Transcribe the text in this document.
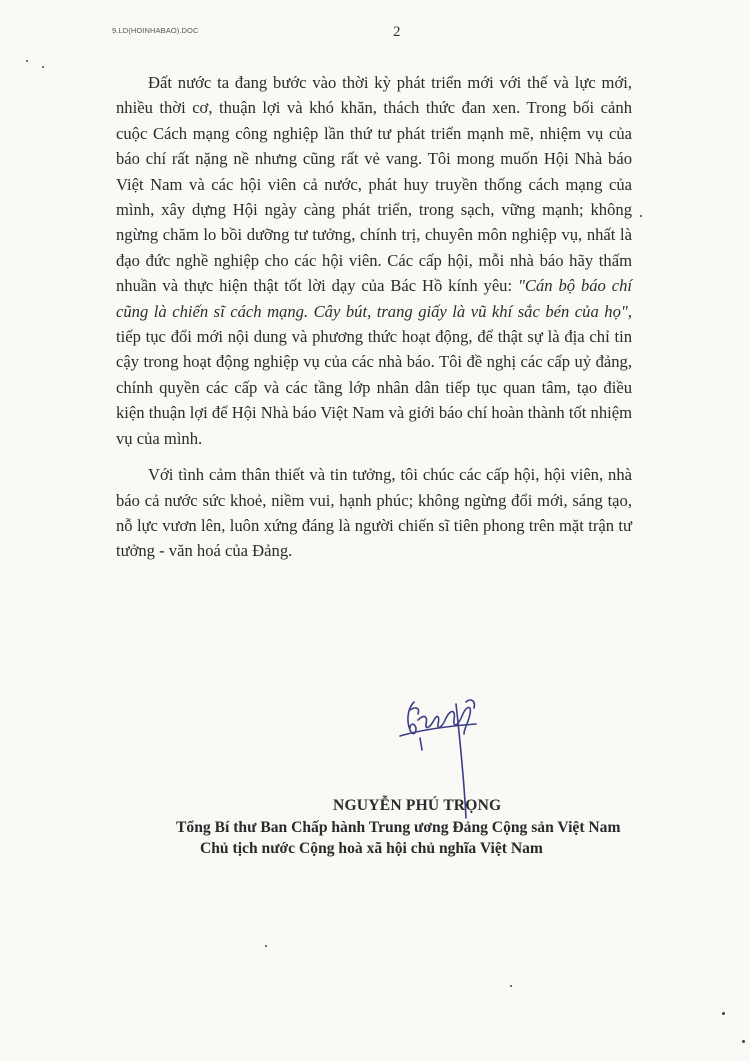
9.LD(HOINHABAO).DOC	2

Đất nước ta đang bước vào thời kỳ phát triển mới với thế và lực mới, nhiều thời cơ, thuận lợi và khó khăn, thách thức đan xen. Trong bối cảnh cuộc Cách mạng công nghiệp lần thứ tư phát triển mạnh mẽ, nhiệm vụ của báo chí rất nặng nề nhưng cũng rất vẻ vang. Tôi mong muốn Hội Nhà báo Việt Nam và các hội viên cả nước, phát huy truyền thống cách mạng của mình, xây dựng Hội ngày càng phát triển, trong sạch, vững mạnh; không ngừng chăm lo bồi dưỡng tư tưởng, chính trị, chuyên môn nghiệp vụ, nhất là đạo đức nghề nghiệp cho các hội viên. Các cấp hội, mỗi nhà báo hãy thấm nhuần và thực hiện thật tốt lời dạy của Bác Hồ kính yêu: "Cán bộ báo chí cũng là chiến sĩ cách mạng. Cây bút, trang giấy là vũ khí sắc bén của họ", tiếp tục đổi mới nội dung và phương thức hoạt động, để thật sự là địa chỉ tin cậy trong hoạt động nghiệp vụ của các nhà báo. Tôi đề nghị các cấp uỷ đảng, chính quyền các cấp và các tầng lớp nhân dân tiếp tục quan tâm, tạo điều kiện thuận lợi để Hội Nhà báo Việt Nam và giới báo chí hoàn thành tốt nhiệm vụ của mình.

Với tình cảm thân thiết và tin tưởng, tôi chúc các cấp hội, hội viên, nhà báo cả nước sức khoẻ, niềm vui, hạnh phúc; không ngừng đổi mới, sáng tạo, nỗ lực vươn lên, luôn xứng đáng là người chiến sĩ tiên phong trên mặt trận tư tưởng - văn hoá của Đảng.

NGUYỄN PHÚ TRỌNG
Tổng Bí thư Ban Chấp hành Trung ương Đảng Cộng sản Việt Nam
Chủ tịch nước Cộng hoà xã hội chủ nghĩa Việt Nam
